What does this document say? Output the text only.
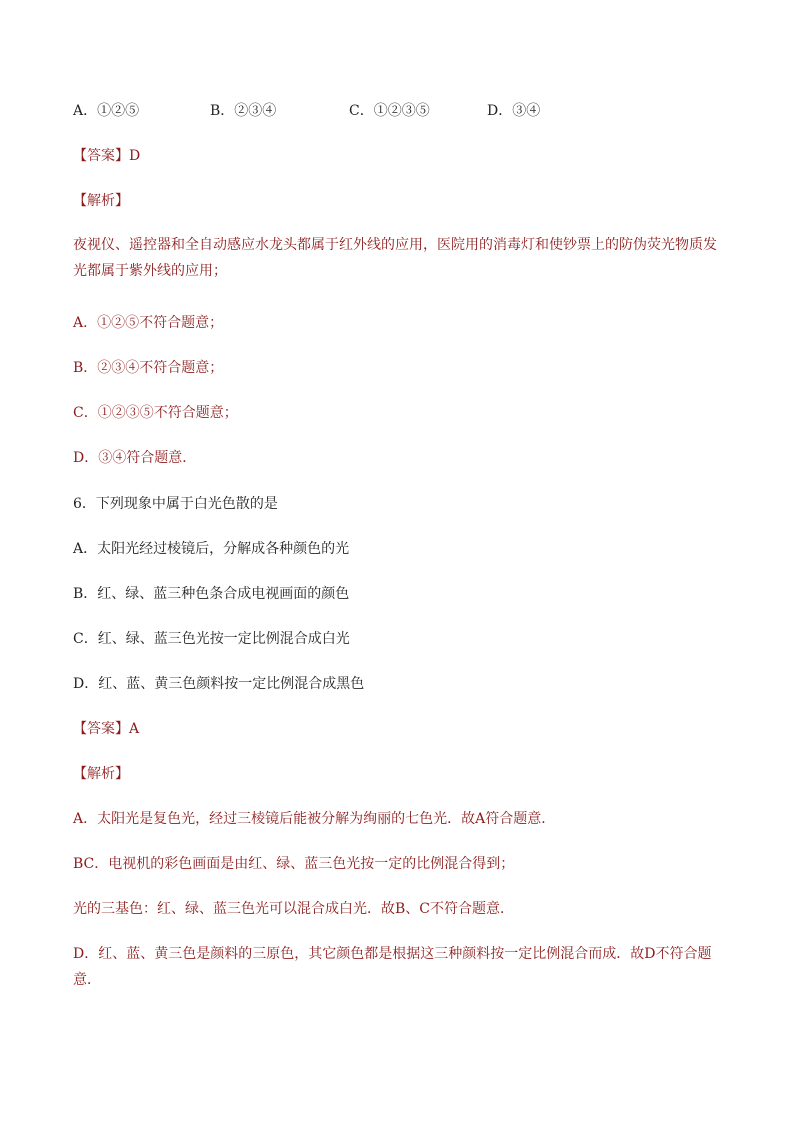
A．①②⑤	B．②③④	C．①②③⑤	D．③④
【答案】D
【解析】
夜视仪、遥控器和全自动感应水龙头都属于红外线的应用，医院用的消毒灯和使钞票上的防伪荧光物质发光都属于紫外线的应用；
A．①②⑤不符合题意；
B．②③④不符合题意；
C．①②③⑤不符合题意；
D．③④符合题意．
6．下列现象中属于白光色散的是
A．太阳光经过棱镜后，分解成各种颜色的光
B．红、绿、蓝三种色条合成电视画面的颜色
C．红、绿、蓝三色光按一定比例混合成白光
D．红、蓝、黄三色颜料按一定比例混合成黑色
【答案】A
【解析】
A．太阳光是复色光，经过三棱镜后能被分解为绚丽的七色光．故A符合题意．
BC．电视机的彩色画面是由红、绿、蓝三色光按一定的比例混合得到；
光的三基色：红、绿、蓝三色光可以混合成白光．故B、C不符合题意．
D．红、蓝、黄三色是颜料的三原色，其它颜色都是根据这三种颜料按一定比例混合而成．故D不符合题意．
